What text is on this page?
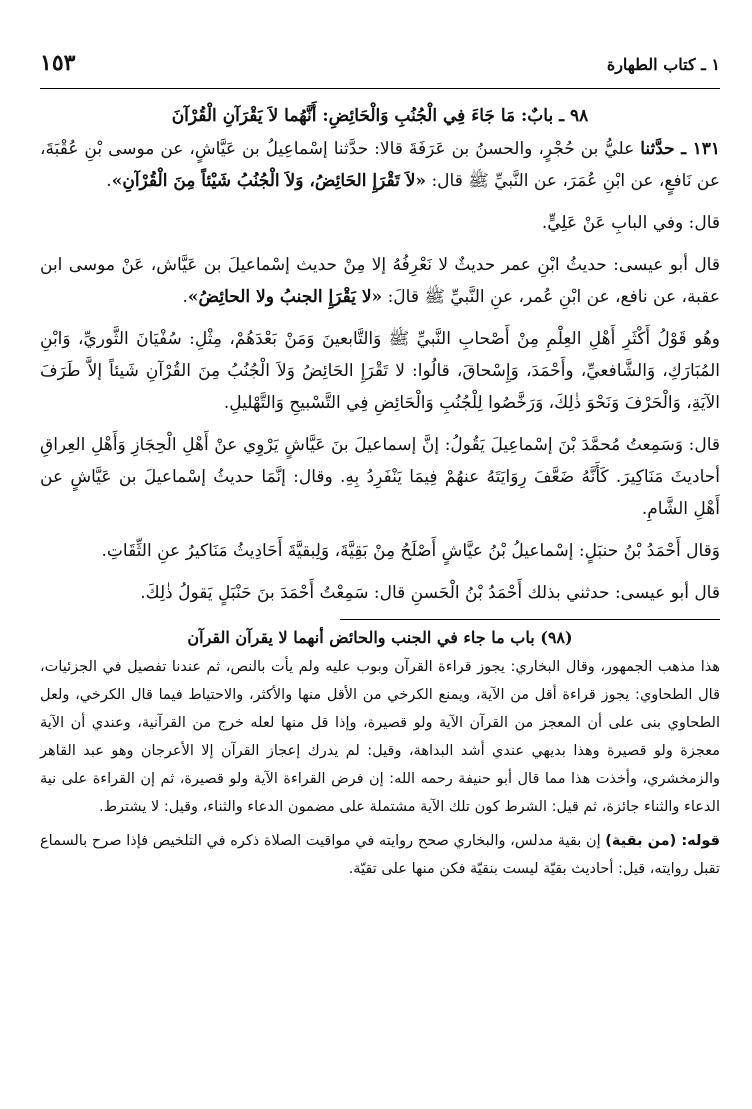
١ ـ كتاب الطهارة
١٥٣
٩٨ ـ بابٌ: مَا جَاءَ فِي الْجُنُبِ وَالْحَائِضِ: أَنَّهُما لاَ يَقْرَآنِ الْقُرْآنَ

١٣١ ـ حدَّثنا عليُّ بن حُجْرٍ، والحسنُ بن عَرَفَةَ قالا: حدَّثنا إسْماعِيلُ بن عَيَّاشٍ، عن موسى بْنِ عُقْبَةَ، عن نَافعٍ، عن ابْنِ عُمَرَ، عن النَّبيِّ ﷺ قال: «لاَ تَقْرَإِ الحَائِضُ، وَلاَ الْجُنُبُ شَيْئاً مِنَ الْقُرْآنِ».

قال: وفي البابِ عَنْ عَلِيٍّ.

قال أبو عيسى: حديثُ ابْنِ عمر حديثٌ لا نَعْرِفُهُ إلا مِنْ حديث إسْماعيلَ بن عَيَّاش، عَنْ موسى ابن عقبة، عن نافع، عن ابْنِ عُمر، عنِ النَّبيِّ ﷺ قالَ: «لا يَقْرَإِ الجنبُ ولا الحائِضُ».

وهُو قَوْلُ أَكْثَرِ أَهْلِ العِلْمِ مِنْ أَصْحابِ النَّبيِّ ﷺ وَالتَّابعينَ وَمَنْ بَعْدَهُمْ، مِثْلِ: سُفْيَانَ الثَّوريِّ، وَابْنِ المُبَارَكِ، وَالشَّافعيِّ، وأَحْمَدَ، وَإِسْحاقَ، قالُوا: لا تَقْرَإِ الحَائِضُ وَلاَ الْجُنُبُ مِنَ القُرْآنِ شَيئاً إلاَّ طَرَفَ الآيَةِ، وَالْحَرْفَ وَنَحْوَ ذٰلِكَ، وَرَخَّصُوا لِلْجُنُبِ وَالْحَائِضِ فِي التَّسْبيحِ وَالتَّهْليلِ.

قال: وَسَمِعتُ مُحمَّدَ بْنَ إسْماعِيلَ يَقُولُ: إنَّ إسماعيلَ بنَ عَيَّاشٍ يَرْوِي عنْ أَهْلِ الْحِجَازِ وَأَهْلِ العِراقِ أحاديثَ مَنَاكِيرَ. كَأَنَّهُ ضَعَّفَ رِوَايَتَهُ عنهُمْ فِيمَا يَنْفَرِدُ بِهِ. وقال: إنَّمَا حديثُ إسْماعيلَ بن عَيَّاشٍ عن أَهْلِ الشَّامِ.

وَقال أَحْمَدُ بْنُ حنبَلٍ: إسْماعيلُ بْنُ عيَّاشٍ أَصْلَحُ مِنْ بَقِيَّةَ، وَلِبقيَّةَ أَحَادِيثُ مَنَاكيرُ عنِ الثِّقَاتِ.

قال أبو عيسى: حدثني بذلك أَحْمَدُ بْنُ الْحَسنِ قال: سَمِعْتُ أَحْمَدَ بنَ حَنْبَلٍ يَقولُ ذٰلِكَ.

(٩٨) باب ما جاء في الجنب والحائض أنهما لا يقرآن القرآن

هذا مذهب الجمهور، وقال البخاري: يجوز قراءة القرآن وبوب عليه ولم يأت بالنص، ثم عندنا تفصيل في الجزئيات، قال الطحاوي: يجوز قراءة أقل من الآية، ويمنع الكرخي من الأقل منها والأكثر، والاحتياط فيما قال الكرخي، ولعل الطحاوي بنى على أن المعجز من القرآن الآية ولو قصيرة، وإذا قل منها لعله خرج من القرآنية، وعندي أن الآية معجزة ولو قصيرة وهذا بديهي عندي أشد البداهة، وقيل: لم يدرك إعجاز القرآن إلا الأعرجان وهو عبد القاهر والزمخشري، وأخذت هذا مما قال أبو حنيفة رحمه الله: إن فرض القراءة الآية ولو قصيرة، ثم إن القراءة على نية الدعاء والثناء جائزة، ثم قيل: الشرط كون تلك الآية مشتملة على مضمون الدعاء والثناء، وقيل: لا يشترط.

قوله: (من بقية) إن بقية مدلس، والبخاري صحح روايته في مواقيت الصلاة ذكره في التلخيص فإذا صرح بالسماع تقبل روايته، قيل: أحاديث بقيّة ليست بنقيّة فكن منها على تقيّة.
